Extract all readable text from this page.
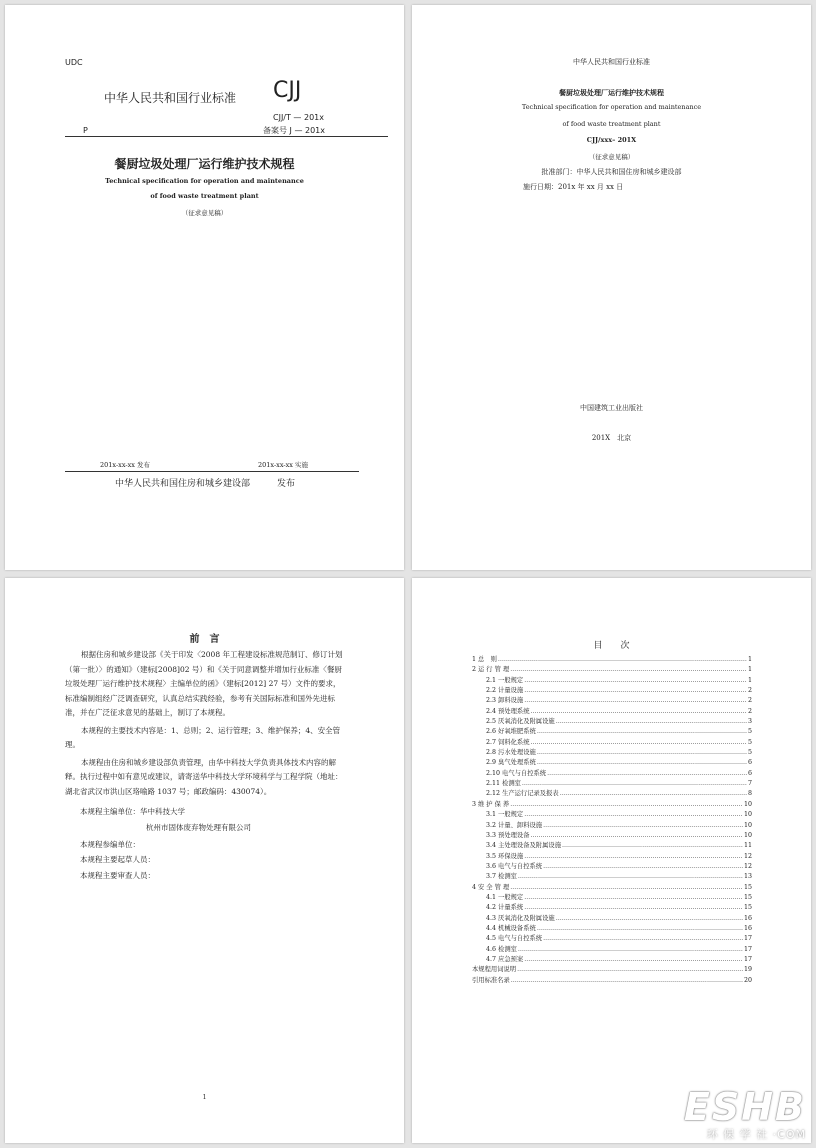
UDC
中华人民共和国行业标准 CJJ
CJJ/T — 201x
P	备案号 J — 201x
餐厨垃圾处理厂运行维护技术规程
Technical specification for operation and maintenance
of food waste treatment plant
（征求意见稿）
201x-xx-xx 发布	201x-xx-xx 实施
中华人民共和国住房和城乡建设部	发布
中华人民共和国行业标准
餐厨垃圾处理厂运行维护技术规程
Technical specification for operation and maintenance
of food waste treatment plant
CJJ/xxx– 201X
（征求意见稿）
批准部门：中华人民共和国住房和城乡建设部
施行日期：201x 年 xx 月 xx 日
中国建筑工业出版社
201X　北京
前　言

根据住房和城乡建设部《关于印发〈2008 年工程建设标准规范制订、修订计划（第一批）〉的通知》（建标[2008]02 号）和《关于同意调整并增加行业标准〈餐厨垃圾处理厂运行维护技术规程〉主编单位的函》（建标[2012] 27 号）文件的要求，标准编制组经广泛调查研究，认真总结实践经验，参考有关国际标准和国外先进标准，并在广泛征求意见的基础上，制订了本规程。

本规程的主要技术内容是：1、总则；2、运行管理；3、维护保养；4、安全管理。

本规程由住房和城乡建设部负责管理，由华中科技大学负责具体技术内容的解释。执行过程中如有意见或建议，请寄送华中科技大学环境科学与工程学院（地址：湖北省武汉市洪山区珞喻路 1037 号；邮政编码：430074）。

本规程主编单位：华中科技大学
杭州市固体废弃物处理有限公司
本规程参编单位：
本规程主要起草人员：
本规程主要审查人员：
1
目　　次
1 总　则 .....	1
2 运 行 管 理 .....	1
2.1 一般规定 .....	1
2.2 计量设施 .....	2
2.3 卸料设施 .....	2
2.4 预处理系统 .....	2
2.5 厌氧消化及附属设施 .....	3
2.6 好氧堆肥系统 .....	5
2.7 饲料化系统 .....	5
2.8 污水处理设施 .....	5
2.9 臭气处理系统 .....	6
2.10 电气与自控系统 .....	6
2.11 检测室 .....	7
2.12 生产运行记录及报表 .....	8
3 维 护 保 养 .....	10
3.1 一般规定 .....	10
3.2 计量、卸料设施 .....	10
3.3 预处理设备 .....	10
3.4 主处理设备及附属设施 .....	11
3.5 环保设施 .....	12
3.6 电气与自控系统 .....	12
3.7 检测室 .....	13
4 安 全 管 理 .....	15
4.1 一般规定 .....	15
4.2 计量系统 .....	15
4.3 厌氧消化及附属设施 .....	16
4.4 机械设备系统 .....	16
4.5 电气与自控系统 .....	17
4.6 检测室 .....	17
4.7 应急预案 .....	17
本规程用词说明 .....	19
引用标准名录 .....	20
ESHB
环 保 学 社 ·COM
